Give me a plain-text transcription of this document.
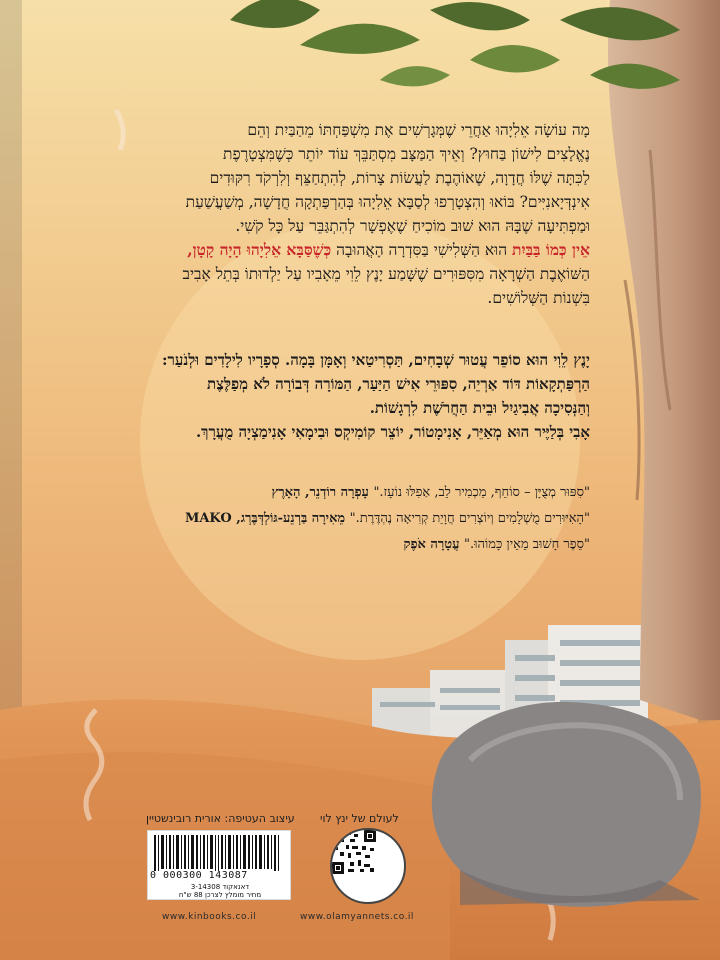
מָה עוֹשָׂה אֵלִיָהוּ אַחֲרֵי שֶׁמְּגָרְשִׁים אֶת מִשְׁפַּחְתּוֹ מֵהַבַּיִת וְהֵם
נֶאֱלָצִים לִישׁוֹן בַּחוּץ? וְאֵיךְ הַמַּצָּב מִסְתַּבֵּךְ עוֹד יוֹתֵר כְּשֶׁמִּצְטָרֶפֶת
לַכִּתָּה שֶׁלּוֹ חֲדָוָה, שֶׁאוֹהֶבֶת לַעֲשׂוֹת צָרוֹת, לְהִתְחַצֵּף וְלִרְקֹד רִקּוּדִים
אִינְדְּיָאנִיִּים? בּוֹאוּ וְהִצְטָרְפוּ לְסַבָּא אֵלִיָהוּ בְּהַרְפַּתְקָה חֲדָשָׁה, מְשַׁעֲשַׁעַת
וּמַפְתִּיעָה שֶׁבָּהּ הוּא שׁוּב מוֹכִיחַ שֶׁאֶפְשָׁר לְהִתְגַּבֵּר עַל כָּל קֹשִׁי.
אֵין כְּמוֹ בַּבַּיִת הוּא הַשְּׁלִישִׁי בַּסִּדְרָה הָאֲהוּבָה כְּשֶׁסַּבָּא אֵלִיָהוּ הָיָה קָטָן,
הַשּׁוֹאֶבֶת הַשְׁרָאָה מִסִּפּוּרִים שֶׁשָּׁמַע יָנֶץ לֵוִי מֵאָבִיו עַל יַלְדוּתוֹ בְּתֵל אָבִיב
בִּשְׁנוֹת הַשְּׁלוֹשִׁים.
יָנֶץ לֵוִי הוּא סוֹפֵר עֲטוּר שְׁבָחִים, תַּסְרִיטַאי וְאָמָּן בָּמָה. סְפָרָיו לִילָדִים וּלְנֹעַר:
הַרְפַּתְקָאוֹת דּוֹד אַרְיֵה, סִפּוּרֵי אִישׁ הַיַּעַר, הַמּוֹרָה דְּבוֹרָה לֹא מְפַלֶּצֶת
וְהַנְּסִיכָה אֲבִיגַיִל וּבֵית הַחֲרֹשֶׁת לִרְגָשׁוֹת.
אָבִי בְּלַיֶּיר הוּא מְאַיֵּר, אָנִימָטוֹר, יוֹצֵר קוֹמִיקְס וּבִימָאִי אָנִימַצְיָה מֻעֲרָךְ.
"סִפּוּר מְצֻיָּן – סוֹחֵף, מַכְמִיר לֵב, אַפִלּוּ נוֹעָז." עָפְרָה רוֹדְנֵר, הָאָרֶץ
"הָאִיּוּרִים מֻשְׁלָמִים וְיוֹצְרִים חֲוָיַת קְרִיאָה נֶהְדֶּרֶת." מֵאִירָה בַּרְנֵע-גּוֹלְדְּבֶּרְג, MAKO
"סֵפֶר חָשׁוּב מֵאֵין כָּמוֹהוּ." עֲטָרָה אֹפֶק
עיצוב העטיפה: אורית רובינשטיין לעולם של ינץ לוי
0 000300 143087
דאנאקוד 3-14308
מחיר מומלץ לצרכן 88 ש"ח
www.kinbooks.co.il	www.olamyannets.co.il
